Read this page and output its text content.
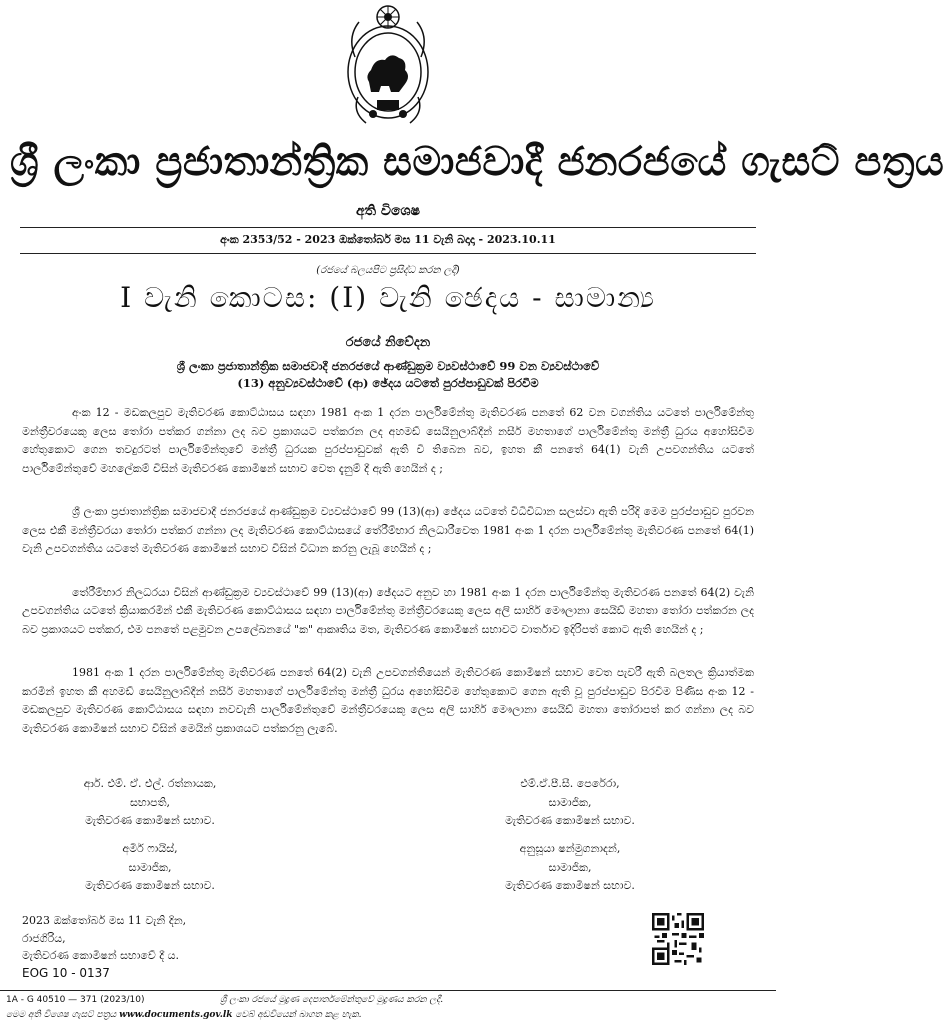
ශ්‍රී ලංකා ප්‍රජාතාන්ත්‍රික සමාජවාදී ජනරජයේ ගැසට් පත්‍රය
අති විශෙෂ
අංක 2353/52 - 2023 ඔක්තෝබර් මස 11 වැනි බදාදා - 2023.10.11
(රජයේ බලයපිට ප්‍රසිද්ධ කරන ලදී)
I වැනි කොටස: (I) වැනි ඡෙදය - සාමාන්‍ය
රජයේ නිවේදන
ශ්‍රී ලංකා ප්‍රජාතාන්ත්‍රික සමාජවාදී ජනරජයේ ආණ්ඩුක්‍රම ව්‍යවස්ථාවේ 99 වන ව්‍යවස්ථාවේ
(13) අනුව්‍යවස්ථාවේ (ආ) ඡේදය යටතේ පුරප්පාඩුවක් පිරවීම

අංක 12 - මඩකලපුව මැතිවරණ කොට්ඨාසය සඳහා 1981 අංක 1 දරන පාර්ලිමේන්තු මැතිවරණ පනතේ 62 වන වගන්තිය යටතේ පාර්ලිමේන්තු මන්ත්‍රීවරයෙකු ලෙස තෝරා පත්කර ගන්නා ලද බව ප්‍රකාශයට පත්කරන ලද අහමඩ් සෙයිනුලාබ්දීන් නසීර් මහතාගේ පාර්ලිමේන්තු මන්ත්‍රී ධුරය අහෝසිවීම හේතුකොට ගෙන තවදුරටත් පාර්ලිමේන්තුවේ මන්ත්‍රී ධුරයක පුරප්පාඩුවක් ඇති වී තිබෙන බව, ඉහත කී පනතේ 64(1) වැනි උපවගන්තිය යටතේ පාර්ලිමේන්තුවේ මහලේකම් විසින් මැතිවරණ කොමිෂන් සභාව වෙත දැනුම් දී ඇති හෙයින් ද ;

ශ්‍රී ලංකා ප්‍රජාතාන්ත්‍රික සමාජවාදී ජනරජයේ ආණ්ඩුක්‍රම ව්‍යවස්ථාවේ 99 (13)(ආ) ඡේදය යටතේ විධිවිධාන සලස්වා ඇති පරිදි මෙම පුරප්පාඩුව පුරවන ලෙස එකී මන්ත්‍රීවරයා තෝරා පත්කර ගන්නා ලද මැතිවරණ කොට්ඨාසයේ තේරීම්භාර නිලධාරීවෙත 1981 අංක 1 දරන පාර්ලිමේන්තු මැතිවරණ පනතේ 64(1) වැනි උපවගන්තිය යටතේ මැතිවරණ කොමිෂන් සභාව විසින් විධාන කරනු ලැබූ හෙයින් ද ;

තේරීම්භාර නිලධරයා විසින් ආණ්ඩුක්‍රම ව්‍යවස්ථාවේ 99 (13)(ආ) ඡේදයට අනුව හා 1981 අංක 1 දරන පාර්ලිමේන්තු මැතිවරණ පනතේ 64(2) වැනි උපවගන්තිය යටතේ ක්‍රියාකරමින් එකී මැතිවරණ කොට්ඨාසය සඳහා පාර්ලිමේන්තු මන්ත්‍රීවරයෙකු ලෙස අලි සාහිර් මෞලානා සෙයිඩ් මහතා තෝරා පත්කරන ලද බව ප්‍රකාශයට පත්කර, එම පනතේ පළමුවන උපලේඛනයේ "ක" ආකෘතිය මත, මැතිවරණ කොමිෂන් සභාවට වාර්තාව ඉදිරිපත් කොට ඇති හෙයින් ද ;

1981 අංක 1 දරන පාර්ලිමේන්තු මැතිවරණ පනතේ 64(2) වැනි උපවගන්තියෙන් මැතිවරණ කොමිෂන් සභාව වෙත පැවරී ඇති බලතල ක්‍රියාත්මක කරමින් ඉහත කී අහමඩ් සෙයිනුලාබ්දීන් නසීර් මහතාගේ පාර්ලිමේන්තු මන්ත්‍රී ධුරය අහෝසිවීම හේතුකොට ගෙන ඇති වූ පුරප්පාඩුව පිරවීම පිණිස අංක 12 - මඩකලපුව මැතිවරණ කොට්ඨාසය සඳහා නවවැනි පාර්ලිමේන්තුවේ මන්ත්‍රීවරයෙකු ලෙස අලි සාහිර් මෞලානා සෙයිඩ් මහතා තෝරාපත් කර ගන්නා ලද බව මැතිවරණ කොමිෂන් සභාව විසින් මෙයින් ප්‍රකාශයට පත්කරනු ලැබේ.

ආර්. එම්. ඒ. එල්. රත්නායක,
සභාපති,
මැතිවරණ කොමිෂන් සභාව.
එම්.ඒ.පී.සී. පෙරේරා,
සාමාජික,
මැතිවරණ කොමිෂන් සභාව.
අමීර් ෆායිස්,
සාමාජික,
මැතිවරණ කොමිෂන් සභාව.
අනුසූයා ෂන්මුගනාදන්,
සාමාජික,
මැතිවරණ කොමිෂන් සභාව.
2023 ඔක්තෝබර් මස 11 වැනි දින,
රාජගිරිය,
මැතිවරණ කොමිෂන් සභාවේ දී ය.
EOG 10 - 0137
1A - G 40510 — 371 (2023/10)	ශ්‍රී ලංකා රජයේ මුද්‍රණ දෙපාර්තමේන්තුවේ මුද්‍රණය කරන ලදී.
මෙම අති විශෙෂ ගැසට් පත්‍රය www.documents.gov.lk වෙබ් අඩවියෙන් බාගත කළ හැක.
